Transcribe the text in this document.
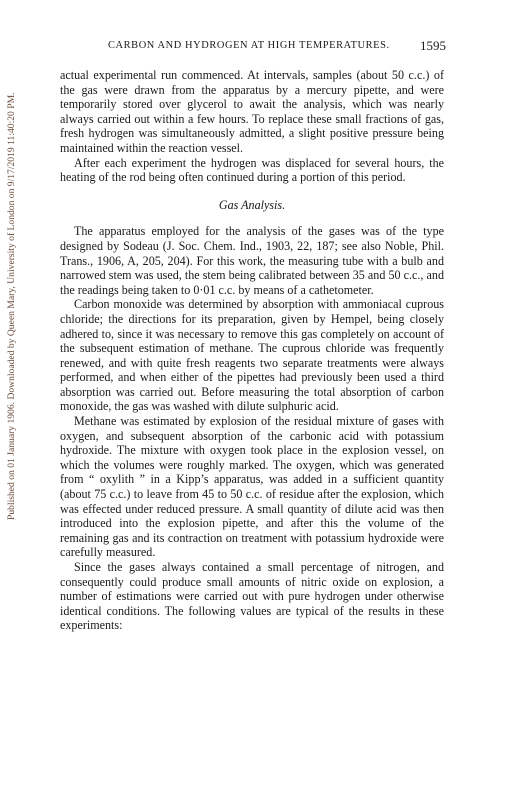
Published on 01 January 1906. Downloaded by Queen Mary, University of London on 9/17/2019 11:40:20 PM.
CARBON AND HYDROGEN AT HIGH TEMPERATURES. 1595

actual experimental run commenced. At intervals, samples (about 50 c.c.) of the gas were drawn from the apparatus by a mercury pipette, and were temporarily stored over glycerol to await the analysis, which was nearly always carried out within a few hours. To replace these small fractions of gas, fresh hydrogen was simultaneously admitted, a slight positive pressure being maintained within the reaction vessel.

After each experiment the hydrogen was displaced for several hours, the heating of the rod being often continued during a portion of this period.

Gas Analysis.

The apparatus employed for the analysis of the gases was of the type designed by Sodeau (J. Soc. Chem. Ind., 1903, 22, 187; see also Noble, Phil. Trans., 1906, A, 205, 204). For this work, the measuring tube with a bulb and narrowed stem was used, the stem being calibrated between 35 and 50 c.c., and the readings being taken to 0·01 c.c. by means of a cathetometer.

Carbon monoxide was determined by absorption with ammoniacal cuprous chloride; the directions for its preparation, given by Hempel, being closely adhered to, since it was necessary to remove this gas completely on account of the subsequent estimation of methane. The cuprous chloride was frequently renewed, and with quite fresh reagents two separate treatments were always performed, and when either of the pipettes had previously been used a third absorption was carried out. Before measuring the total absorption of carbon monoxide, the gas was washed with dilute sulphuric acid.

Methane was estimated by explosion of the residual mixture of gases with oxygen, and subsequent absorption of the carbonic acid with potassium hydroxide. The mixture with oxygen took place in the explosion vessel, on which the volumes were roughly marked. The oxygen, which was generated from “ oxylith ” in a Kipp’s apparatus, was added in a sufficient quantity (about 75 c.c.) to leave from 45 to 50 c.c. of residue after the explosion, which was effected under reduced pressure. A small quantity of dilute acid was then introduced into the explosion pipette, and after this the volume of the remaining gas and its contraction on treatment with potassium hydroxide were carefully measured.

Since the gases always contained a small percentage of nitrogen, and consequently could produce small amounts of nitric oxide on explosion, a number of estimations were carried out with pure hydrogen under otherwise identical conditions. The following values are typical of the results in these experiments:
